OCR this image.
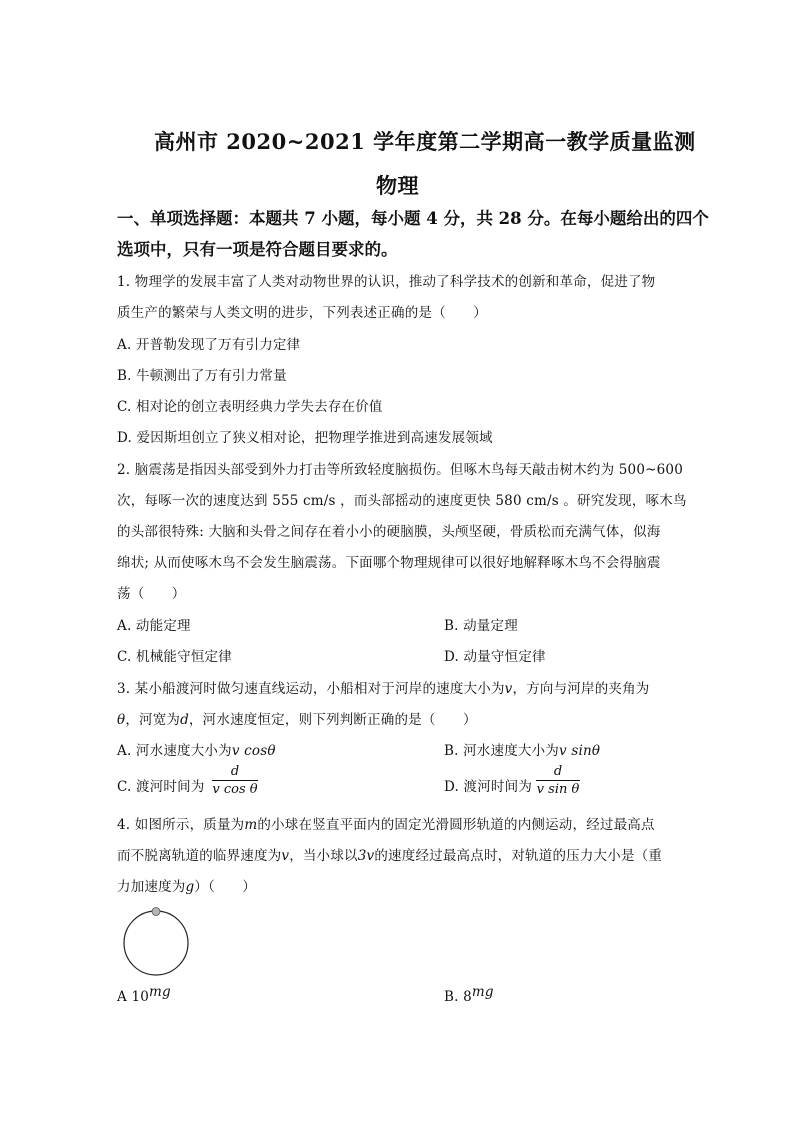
高州市 2020~2021 学年度第二学期高一教学质量监测
物理
一、单项选择题：本题共 7 小题，每小题 4 分，共 28 分。在每小题给出的四个
选项中，只有一项是符合题目要求的。
1. 物理学的发展丰富了人类对动物世界的认识，推动了科学技术的创新和革命，促进了物
质生产的繁荣与人类文明的进步，下列表述正确的是（　　）
A. 开普勒发现了万有引力定律
B. 牛顿测出了万有引力常量
C. 相对论的创立表明经典力学失去存在价值
D. 爱因斯坦创立了狭义相对论，把物理学推进到高速发展领域
2. 脑震荡是指因头部受到外力打击等所致轻度脑损伤。但啄木鸟每天敲击树木约为 500~600
次，每啄一次的速度达到 555 cm/s ，而头部摇动的速度更快 580 cm/s 。研究发现，啄木鸟
的头部很特殊: 大脑和头骨之间存在着小小的硬脑膜，头颅坚硬，骨质松而充满气体，似海
绵状; 从而使啄木鸟不会发生脑震荡。下面哪个物理规律可以很好地解释啄木鸟不会得脑震
荡（　　）
A. 动能定理	B. 动量定理
C. 机械能守恒定律	D. 动量守恒定律
3. 某小船渡河时做匀速直线运动，小船相对于河岸的速度大小为v，方向与河岸的夹角为
θ，河宽为d，河水速度恒定，则下列判断正确的是（　　）
A. 河水速度大小为v cosθ	B. 河水速度大小为v sinθ
C. 渡河时间为
d
v cos θ	D. 渡河时间为
d
v sin θ
4. 如图所示，质量为m的小球在竖直平面内的固定光滑圆形轨道的内侧运动，经过最高点
而不脱离轨道的临界速度为v，当小球以3v的速度经过最高点时，对轨道的压力大小是（重
力加速度为g）（　　）
A 10mg	B. 8mg
